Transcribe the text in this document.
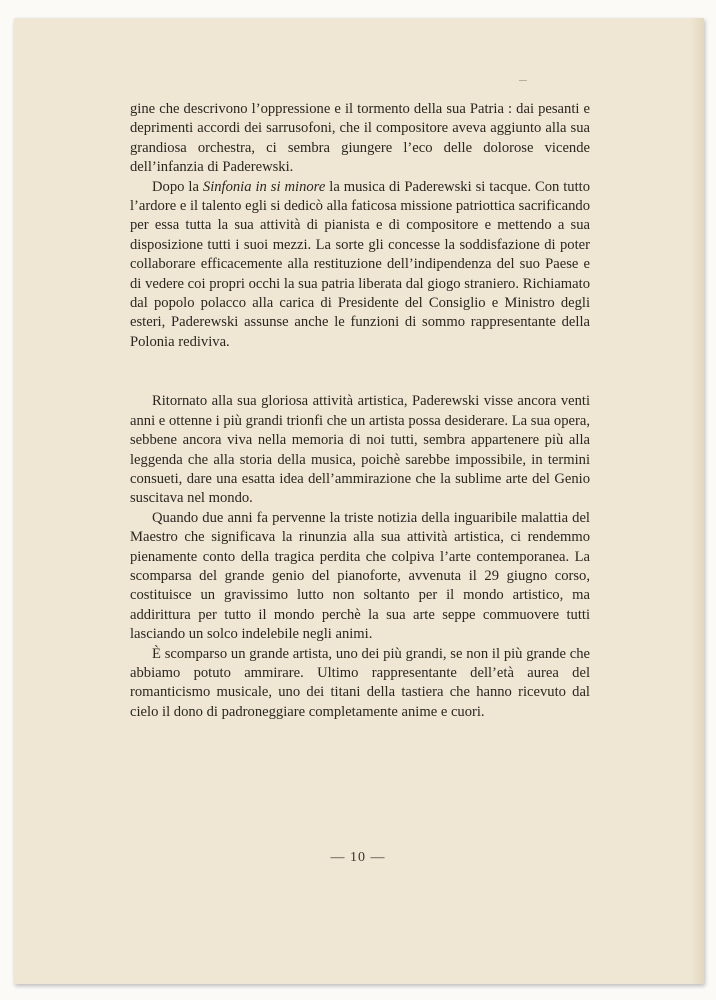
gine che descrivono l’oppressione e il tormento della sua Patria : dai pesanti e deprimenti accordi dei sarrusofoni, che il compositore aveva aggiunto alla sua grandiosa orchestra, ci sembra giungere l’eco delle dolorose vicende dell’infanzia di Paderewski.

Dopo la Sinfonia in si minore la musica di Paderewski si tacque. Con tutto l’ardore e il talento egli si dedicò alla faticosa missione patriottica sacrificando per essa tutta la sua attività di pianista e di compositore e mettendo a sua disposizione tutti i suoi mezzi. La sorte gli concesse la soddisfazione di poter collaborare efficacemente alla restituzione dell’indipendenza del suo Paese e di vedere coi propri occhi la sua patria liberata dal giogo straniero. Richiamato dal popolo polacco alla carica di Presidente del Consiglio e Ministro degli esteri, Paderewski assunse anche le funzioni di sommo rappresentante della Polonia rediviva.

Ritornato alla sua gloriosa attività artistica, Paderewski visse ancora venti anni e ottenne i più grandi trionfi che un artista possa desiderare. La sua opera, sebbene ancora viva nella memoria di noi tutti, sembra appartenere più alla leggenda che alla storia della musica, poichè sarebbe impossibile, in termini consueti, dare una esatta idea dell’ammirazione che la sublime arte del Genio suscitava nel mondo.

Quando due anni fa pervenne la triste notizia della inguaribile malattia del Maestro che significava la rinunzia alla sua attività artistica, ci rendemmo pienamente conto della tragica perdita che colpiva l’arte contemporanea. La scomparsa del grande genio del pianoforte, avvenuta il 29 giugno corso, costituisce un gravissimo lutto non soltanto per il mondo artistico, ma addirittura per tutto il mondo perchè la sua arte seppe commuovere tutti lasciando un solco indelebile negli animi.

È scomparso un grande artista, uno dei più grandi, se non il più grande che abbiamo potuto ammirare. Ultimo rappresentante dell’età aurea del romanticismo musicale, uno dei titani della tastiera che hanno ricevuto dal cielo il dono di padroneggiare completamente anime e cuori.

— 10 —
